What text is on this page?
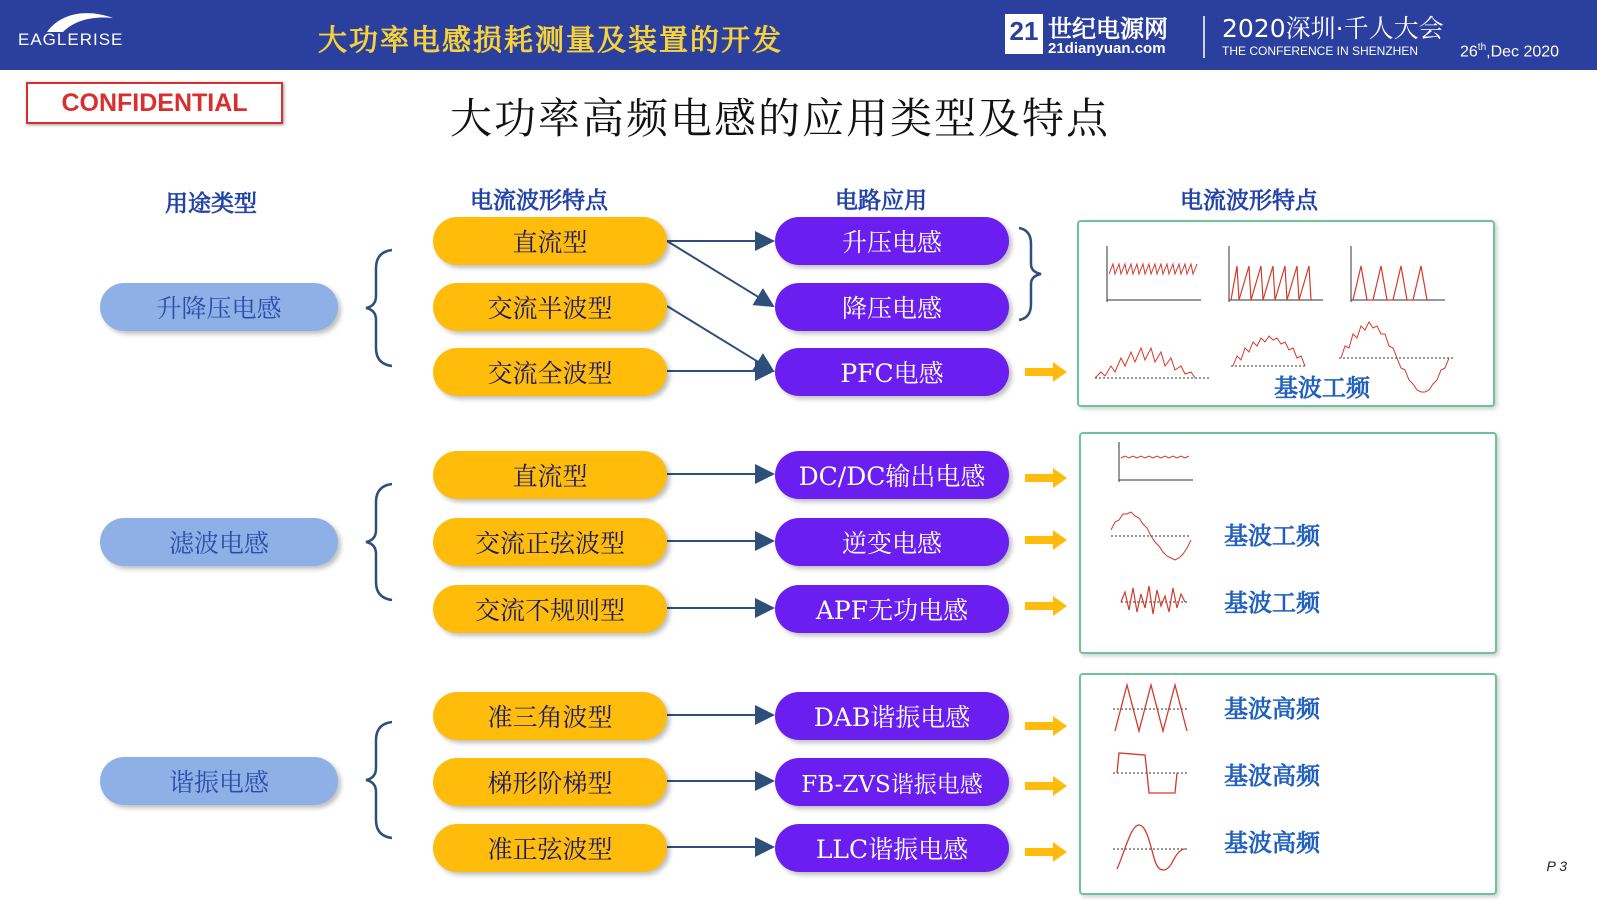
EAGLERISE	大功率电感损耗测量及装置的开发	21 世纪电源网
21dianyuan.com
2020深圳·千人大会
THE CONFERENCE IN SHENZHEN	26th,Dec 2020
CONFIDENTIAL	大功率高频电感的应用类型及特点
用途类型	电流波形特点	电路应用	电流波形特点
升降压电感
直流型
交流半波型
交流全波型
升压电感
降压电感
PFC电感	基波工频
滤波电感
直流型
交流正弦波型
交流不规则型
DC/DC输出电感
逆变电感
APF无功电感
基波工频
基波工频
谐振电感
准三角波型
梯形阶梯型
准正弦波型
DAB谐振电感
FB-ZVS谐振电感
LLC谐振电感
基波高频
基波高频
基波高频
P 3
